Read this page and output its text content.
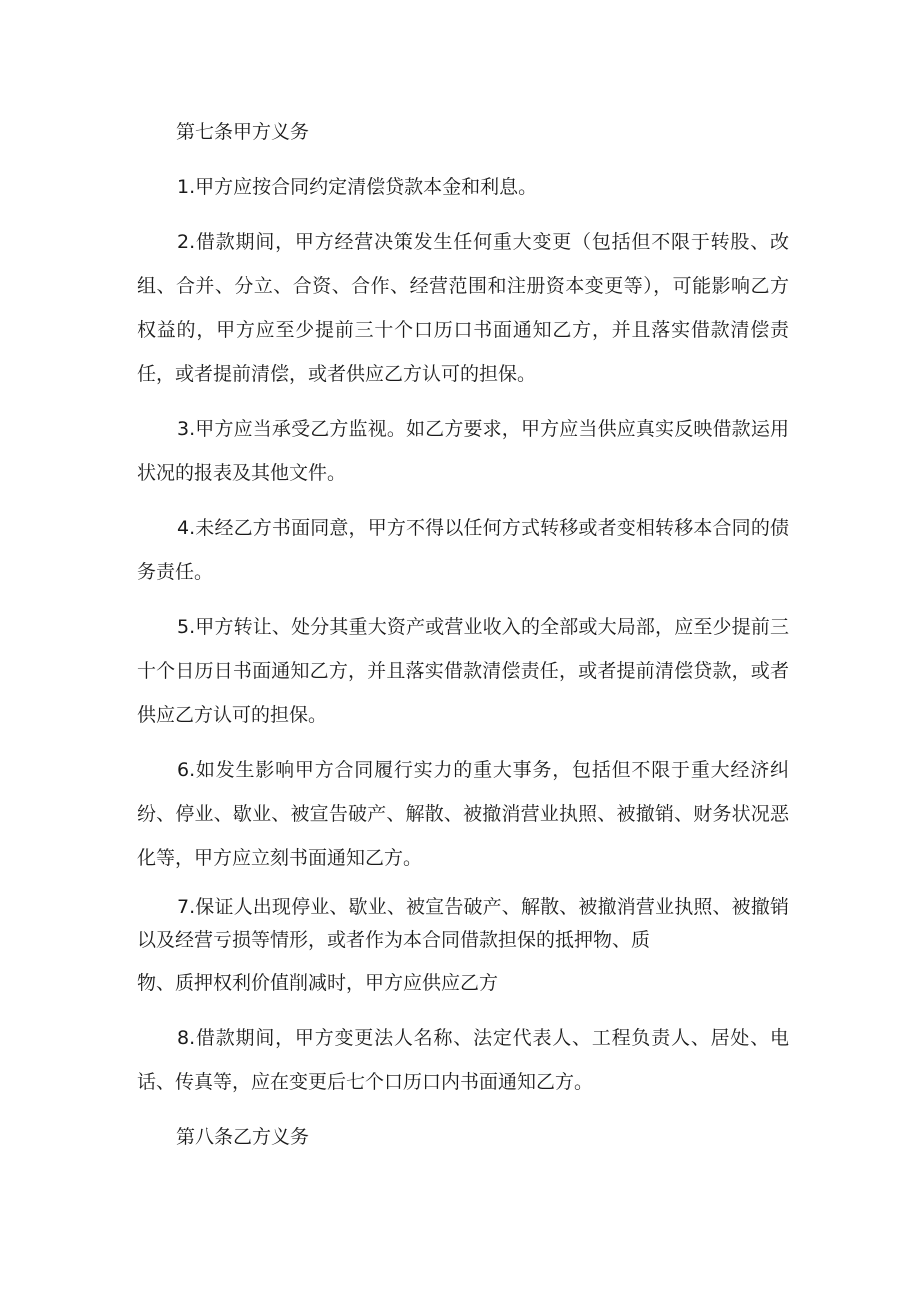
第七条甲方义务

1.甲方应按合同约定清偿贷款本金和利息。

2.借款期间，甲方经营决策发生任何重大变更（包括但不限于转股、改组、合并、分立、合资、合作、经营范围和注册资本变更等），可能影响乙方权益的，甲方应至少提前三十个口历口书面通知乙方，并且落实借款清偿责任，或者提前清偿，或者供应乙方认可的担保。

3.甲方应当承受乙方监视。如乙方要求，甲方应当供应真实反映借款运用状况的报表及其他文件。

4.未经乙方书面同意，甲方不得以任何方式转移或者变相转移本合同的债务责任。

5.甲方转让、处分其重大资产或营业收入的全部或大局部，应至少提前三十个日历日书面通知乙方，并且落实借款清偿责任，或者提前清偿贷款，或者供应乙方认可的担保。

6.如发生影响甲方合同履行实力的重大事务，包括但不限于重大经济纠纷、停业、歇业、被宣告破产、解散、被撤消营业执照、被撤销、财务状况恶化等，甲方应立刻书面通知乙方。

7.保证人出现停业、歇业、被宣告破产、解散、被撤消营业执照、被撤销以及经营亏损等情形，或者作为本合同借款担保的抵押物、质

物、质押权利价值削减时，甲方应供应乙方

8.借款期间，甲方变更法人名称、法定代表人、工程负责人、居处、电话、传真等，应在变更后七个口历口内书面通知乙方。

第八条乙方义务
